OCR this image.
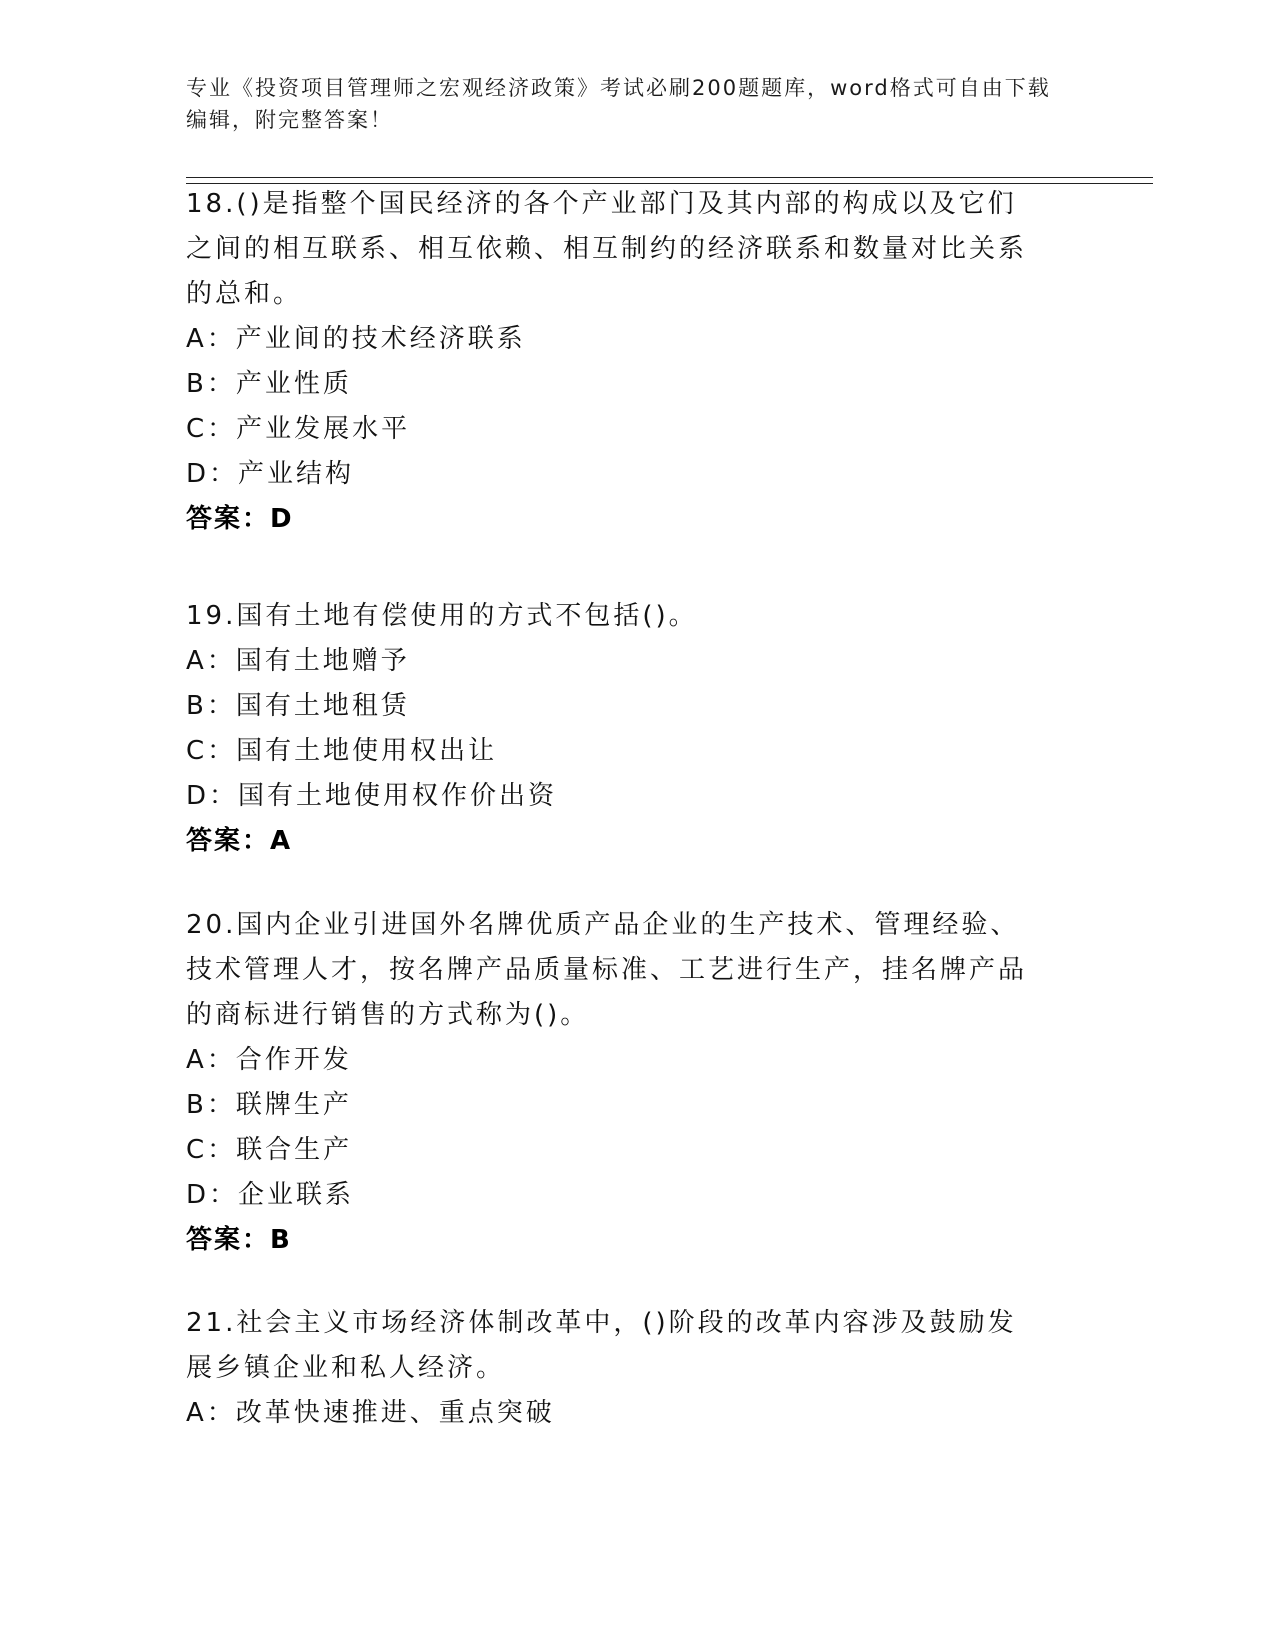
专业《投资项目管理师之宏观经济政策》考试必刷200题题库，word格式可自由下载编辑，附完整答案！

18.()是指整个国民经济的各个产业部门及其内部的构成以及它们之间的相互联系、相互依赖、相互制约的经济联系和数量对比关系的总和。

A：产业间的技术经济联系

B：产业性质

C：产业发展水平

D：产业结构

答案：D

19.国有土地有偿使用的方式不包括()。

A：国有土地赠予

B：国有土地租赁

C：国有土地使用权出让

D：国有土地使用权作价出资

答案：A

20.国内企业引进国外名牌优质产品企业的生产技术、管理经验、技术管理人才，按名牌产品质量标准、工艺进行生产，挂名牌产品的商标进行销售的方式称为()。

A：合作开发

B：联牌生产

C：联合生产

D：企业联系

答案：B

21.社会主义市场经济体制改革中，()阶段的改革内容涉及鼓励发展乡镇企业和私人经济。

A：改革快速推进、重点突破
